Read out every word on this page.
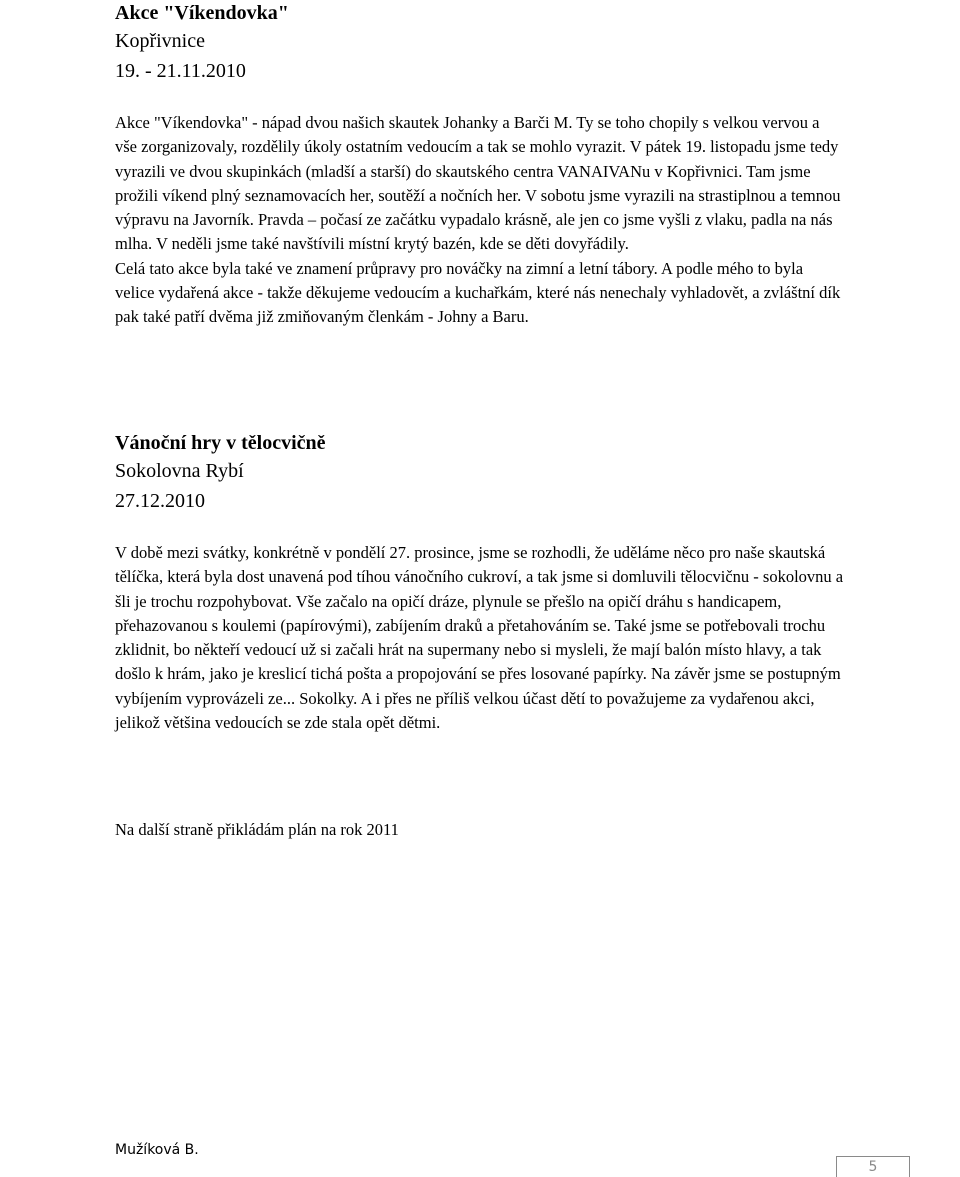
Akce "Víkendovka"

Kopřivnice

19. - 21.11.2010

Akce "Víkendovka" - nápad dvou našich skautek Johanky a Barči M. Ty se toho chopily s velkou vervou a vše zorganizovaly, rozdělily úkoly ostatním vedoucím a tak se mohlo vyrazit. V pátek 19. listopadu jsme tedy vyrazili ve dvou skupinkách (mladší a starší) do skautského centra VANAIVANu v Kopřivnici. Tam jsme prožili víkend plný seznamovacích her, soutěží a nočních her. V sobotu jsme vyrazili na strastiplnou a temnou výpravu na Javorník. Pravda – počasí ze začátku vypadalo krásně, ale jen co jsme vyšli z vlaku, padla na nás mlha. V neděli jsme také navštívili místní krytý bazén, kde se děti dovyřádily.

Celá tato akce byla také ve znamení průpravy pro nováčky na zimní a letní tábory. A podle mého to byla velice vydařená akce - takže děkujeme vedoucím a kuchařkám, které nás nenechaly vyhladovět, a zvláštní dík pak také patří dvěma již zmiňovaným členkám - Johny a Baru.

Vánoční hry v tělocvičně

Sokolovna Rybí

27.12.2010

V době mezi svátky, konkrétně v pondělí 27. prosince, jsme se rozhodli, že uděláme něco pro naše skautská tělíčka, která byla dost unavená pod tíhou vánočního cukroví, a tak jsme si domluvili tělocvičnu - sokolovnu a šli je trochu rozpohybovat. Vše začalo na opičí dráze, plynule se přešlo na opičí dráhu s handicapem, přehazovanou s koulemi (papírovými), zabíjením draků a přetahováním se. Také jsme se potřebovali trochu zklidnit, bo někteří vedoucí už si začali hrát na supermany nebo si mysleli, že mají balón místo hlavy, a tak došlo k hrám, jako je kreslicí tichá pošta a propojování se přes losované papírky. Na závěr jsme se postupným vybíjením vyprovázeli ze... Sokolky. A i přes ne příliš velkou účast dětí to považujeme za vydařenou akci, jelikož většina vedoucích se zde stala opět dětmi.

Na další straně přikládám plán na rok 2011

Mužíková B.
5
